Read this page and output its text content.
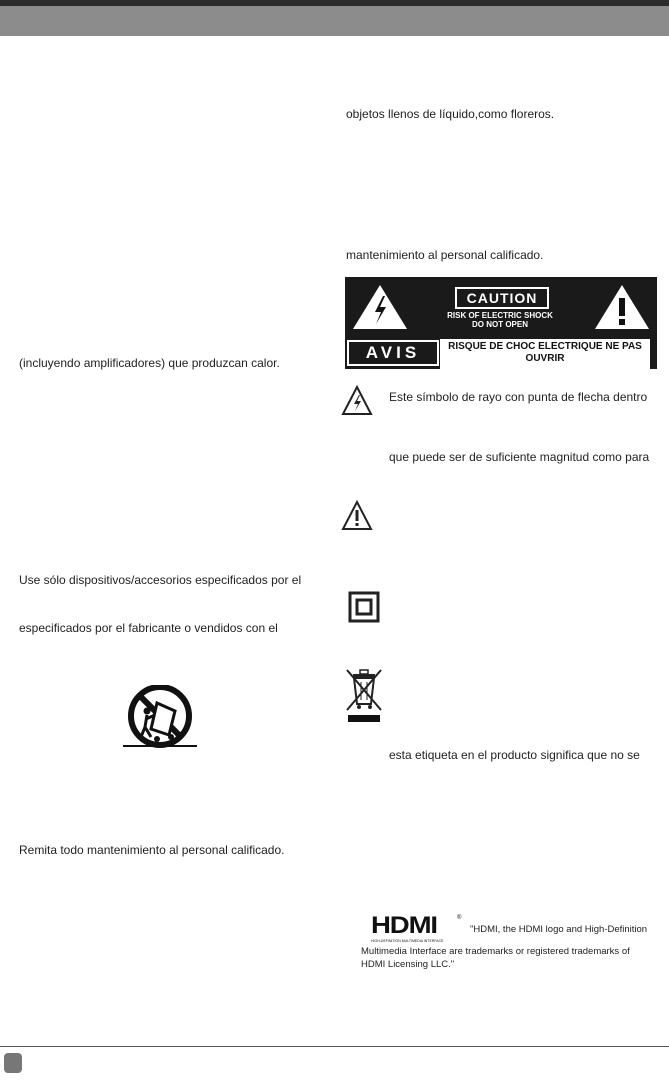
(incluyendo amplificadores) que produzcan calor.
Use sólo dispositivos/accesorios especificados por el
especificados por el fabricante o vendidos con el
Remita todo mantenimiento al personal calificado.
objetos llenos de líquido,como floreros.
mantenimiento al personal calificado.
CAUTION
RISK OF ELECTRIC SHOCK
DO NOT OPEN
AVIS	RISQUE DE CHOC ELECTRIQUE NE PAS OUVRIR
Este símbolo de rayo con punta de flecha dentro
que puede ser de suficiente magnitud como para
esta etiqueta en el producto significa que no se
HDMI
HIGH-DEFINITION MULTIMEDIA INTERFACE
®
"HDMI, the HDMI logo and High-Definition
Multimedia Interface are trademarks or registered trademarks of
HDMI Licensing LLC."
